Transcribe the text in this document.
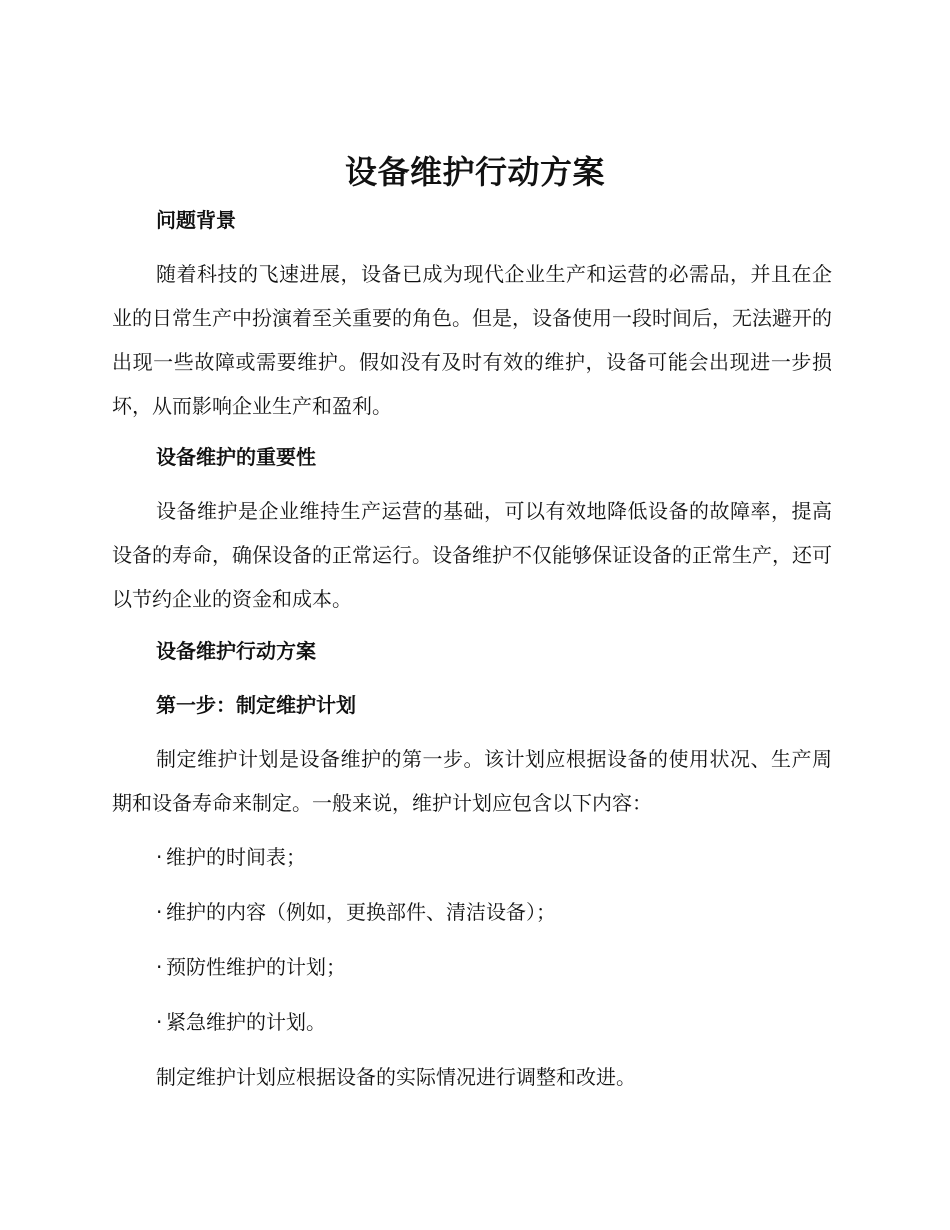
设备维护行动方案
问题背景
随着科技的飞速进展，设备已成为现代企业生产和运营的必需品，并且在企业的日常生产中扮演着至关重要的角色。但是，设备使用一段时间后，无法避开的出现一些故障或需要维护。假如没有及时有效的维护，设备可能会出现进一步损坏，从而影响企业生产和盈利。
设备维护的重要性
设备维护是企业维持生产运营的基础，可以有效地降低设备的故障率，提高设备的寿命，确保设备的正常运行。设备维护不仅能够保证设备的正常生产，还可以节约企业的资金和成本。
设备维护行动方案
第一步：制定维护计划
制定维护计划是设备维护的第一步。该计划应根据设备的使用状况、生产周期和设备寿命来制定。一般来说，维护计划应包含以下内容：
· 维护的时间表；
· 维护的内容（例如，更换部件、清洁设备）；
· 预防性维护的计划；
· 紧急维护的计划。
制定维护计划应根据设备的实际情况进行调整和改进。
